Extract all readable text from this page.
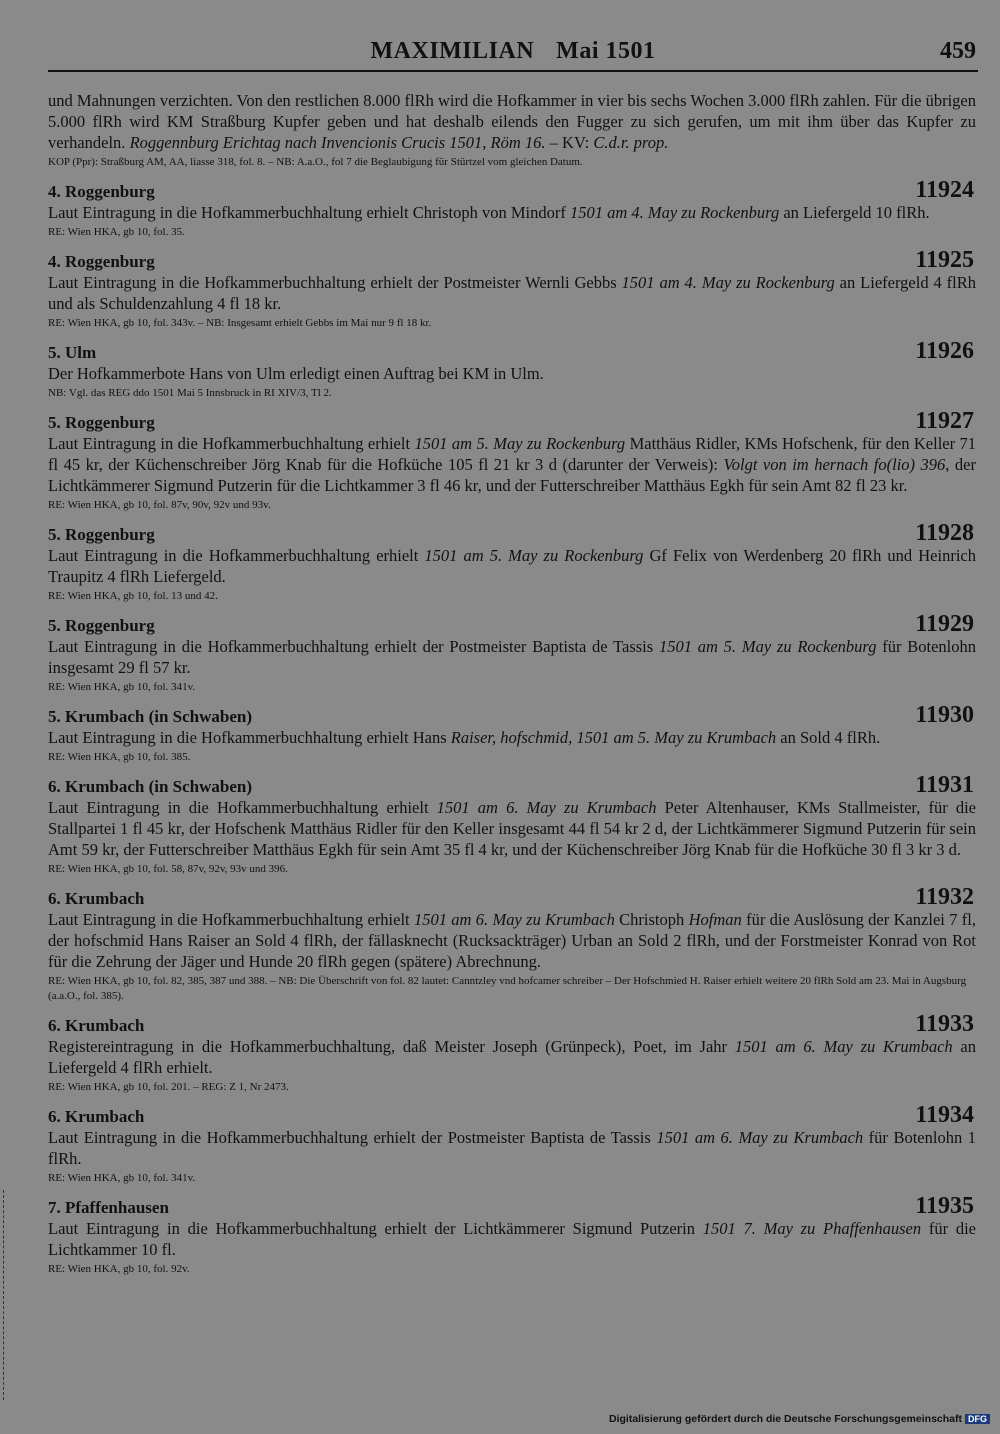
MAXIMILIAN Mai 1501	459

und Mahnungen verzichten. Von den restlichen 8.000 flRh wird die Hofkammer in vier bis sechs Wochen 3.000 flRh zahlen. Für die übrigen 5.000 flRh wird KM Straßburg Kupfer geben und hat deshalb eilends den Fugger zu sich gerufen, um mit ihm über das Kupfer zu verhandeln. Roggennburg Erichtag nach Invencionis Crucis 1501, Röm 16. – KV: C.d.r. prop.

KOP (Ppr): Straßburg AM, AA, liasse 318, fol. 8. – NB: A.a.O., fol 7 die Beglaubigung für Stürtzel vom gleichen Datum.

4. Roggenburg	11924

Laut Eintragung in die Hofkammerbuchhaltung erhielt Christoph von Mindorf 1501 am 4. May zu Rockenburg an Liefergeld 10 flRh.

RE: Wien HKA, gb 10, fol. 35.

4. Roggenburg	11925

Laut Eintragung in die Hofkammerbuchhaltung erhielt der Postmeister Wernli Gebbs 1501 am 4. May zu Rockenburg an Liefergeld 4 flRh und als Schuldenzahlung 4 fl 18 kr.

RE: Wien HKA, gb 10, fol. 343v. – NB: Insgesamt erhielt Gebbs im Mai nur 9 fl 18 kr.

5. Ulm	11926

Der Hofkammerbote Hans von Ulm erledigt einen Auftrag bei KM in Ulm.

NB: Vgl. das REG ddo 1501 Mai 5 Innsbruck in RI XIV/3, Tl 2.

5. Roggenburg	11927

Laut Eintragung in die Hofkammerbuchhaltung erhielt 1501 am 5. May zu Rockenburg Matthäus Ridler, KMs Hofschenk, für den Keller 71 fl 45 kr, der Küchenschreiber Jörg Knab für die Hofküche 105 fl 21 kr 3 d (darunter der Verweis): Volgt von im hernach fo(lio) 396, der Lichtkämmerer Sigmund Putzerin für die Lichtkammer 3 fl 46 kr, und der Futterschreiber Matthäus Egkh für sein Amt 82 fl 23 kr.

RE: Wien HKA, gb 10, fol. 87v, 90v, 92v und 93v.

5. Roggenburg	11928

Laut Eintragung in die Hofkammerbuchhaltung erhielt 1501 am 5. May zu Rockenburg Gf Felix von Werdenberg 20 flRh und Heinrich Traupitz 4 flRh Liefergeld.

RE: Wien HKA, gb 10, fol. 13 und 42.

5. Roggenburg	11929

Laut Eintragung in die Hofkammerbuchhaltung erhielt der Postmeister Baptista de Tassis 1501 am 5. May zu Rockenburg für Botenlohn insgesamt 29 fl 57 kr.

RE: Wien HKA, gb 10, fol. 341v.

5. Krumbach (in Schwaben)	11930

Laut Eintragung in die Hofkammerbuchhaltung erhielt Hans Raiser, hofschmid, 1501 am 5. May zu Krumbach an Sold 4 flRh.

RE: Wien HKA, gb 10, fol. 385.

6. Krumbach (in Schwaben)	11931

Laut Eintragung in die Hofkammerbuchhaltung erhielt 1501 am 6. May zu Krumbach Peter Altenhauser, KMs Stallmeister, für die Stallpartei 1 fl 45 kr, der Hofschenk Matthäus Ridler für den Keller insgesamt 44 fl 54 kr 2 d, der Lichtkämmerer Sigmund Putzerin für sein Amt 59 kr, der Futterschreiber Matthäus Egkh für sein Amt 35 fl 4 kr, und der Küchenschreiber Jörg Knab für die Hofküche 30 fl 3 kr 3 d.

RE: Wien HKA, gb 10, fol. 58, 87v, 92v, 93v und 396.

6. Krumbach	11932

Laut Eintragung in die Hofkammerbuchhaltung erhielt 1501 am 6. May zu Krumbach Christoph Hofman für die Auslösung der Kanzlei 7 fl, der hofschmid Hans Raiser an Sold 4 flRh, der fällasknecht (Rucksackträger) Urban an Sold 2 flRh, und der Forstmeister Konrad von Rot für die Zehrung der Jäger und Hunde 20 flRh gegen (spätere) Abrechnung.

RE: Wien HKA, gb 10, fol. 82, 385, 387 und 388. – NB: Die Überschrift von fol. 82 lautet: Canntzley vnd hofcamer schreiber – Der Hofschmied H. Raiser erhielt weitere 20 flRh Sold am 23. Mai in Augsburg (a.a.O., fol. 385).

6. Krumbach	11933

Registereintragung in die Hofkammerbuchhaltung, daß Meister Joseph (Grünpeck), Poet, im Jahr 1501 am 6. May zu Krumbach an Liefergeld 4 flRh erhielt.

RE: Wien HKA, gb 10, fol. 201. – REG: Z 1, Nr 2473.

6. Krumbach	11934

Laut Eintragung in die Hofkammerbuchhaltung erhielt der Postmeister Baptista de Tassis 1501 am 6. May zu Krumbach für Botenlohn 1 flRh.

RE: Wien HKA, gb 10, fol. 341v.

7. Pfaffenhausen	11935

Laut Eintragung in die Hofkammerbuchhaltung erhielt der Lichtkämmerer Sigmund Putzerin 1501 7. May zu Phaffenhausen für die Lichtkammer 10 fl.

RE: Wien HKA, gb 10, fol. 92v.

Digitalisierung gefördert durch die Deutsche Forschungsgemeinschaft DFG
